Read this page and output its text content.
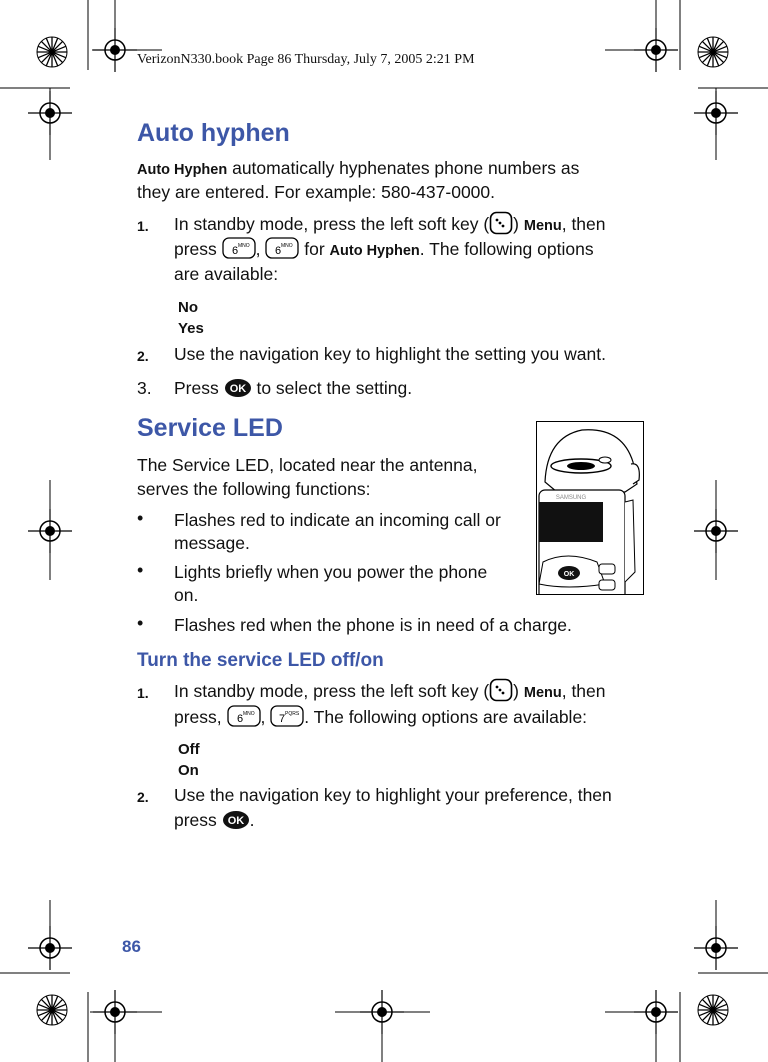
VerizonN330.book Page 86 Thursday, July 7, 2005 2:21 PM
Auto hyphen
Auto Hyphen automatically hyphenates phone numbers as
they are entered. For example: 580-437-0000.
1. In standby mode, press the left soft key ( ) Menu, then
press 6 MNO , 6 MNO for Auto Hyphen. The following options
are available:
No
Yes
2. Use the navigation key to highlight the setting you want.
3. Press OK to select the setting.
Service LED
The Service LED, located near the antenna,
serves the following functions:
• Flashes red to indicate an incoming call or
message.
• Lights briefly when you power the phone
on.
• Flashes red when the phone is in need of a charge.
SAMSUNG
OK
Turn the service LED off/on
1. In standby mode, press the left soft key ( ) Menu, then
press, 6 MNO , 7 PQRS . The following options are available:
Off
On
2. Use the navigation key to highlight your preference, then
press OK .
86
